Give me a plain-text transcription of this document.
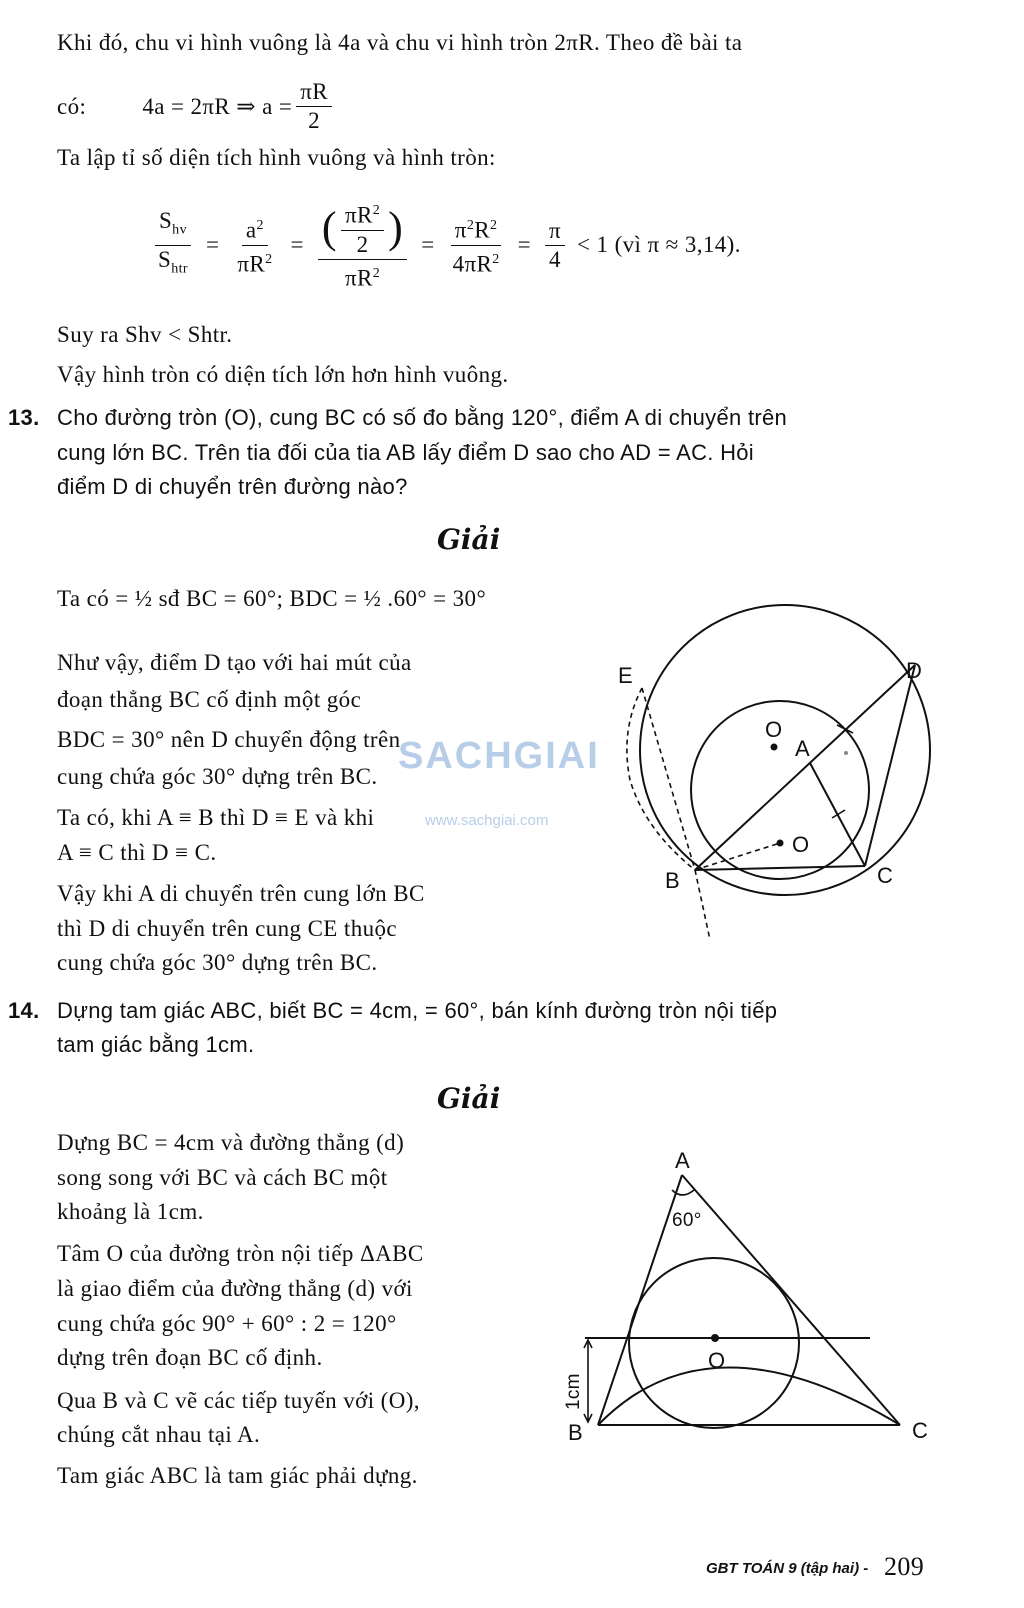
Khi đó, chu vi hình vuông là 4a và chu vi hình tròn 2πR. Theo đề bài ta
có: 4a = 2πR ⇒ $a = \frac{\pi R}{2}$
Ta lập tỉ số diện tích hình vuông và hình tròn:
$\frac{S_{hv}}{S_{htr}} = \frac{a^2}{\pi R^2} = \frac{( \frac{\pi R^2}{2} )}{\pi R^2} = \frac{\pi^2R^2}{4\pi R^2} = \frac{\pi}{4} < 1$ (vì π ≈ 3,14).
Suy ra Shv < Shtr.
Vậy hình tròn có diện tích lớn hơn hình vuông.
13. Cho đường tròn (O), cung BC có số đo bằng 120°, điểm A di chuyển trên
cung lớn BC. Trên tia đối của tia AB lấy điểm D sao cho AD = AC. Hỏi
điểm D di chuyển trên đường nào?
Giải
Ta có = ½ sđ BC = 60°; BDC = ½ .60° = 30°
Như vậy, điểm D tạo với hai mút của
đoạn thẳng BC cố định một góc
BDC = 30° nên D chuyển động trên
cung chứa góc 30° dựng trên BC.
Ta có, khi A ≡ B thì D ≡ E và khi
A ≡ C thì D ≡ C.
Vậy khi A di chuyển trên cung lớn BC
thì D di chuyển trên cung CE thuộc
cung chứa góc 30° dựng trên BC.
SACHGIAI
www.sachgiai.com
E	D
O
A
O
B	C
14. Dựng tam giác ABC, biết BC = 4cm, = 60°, bán kính đường tròn nội tiếp
tam giác bằng 1cm.
Giải
Dựng BC = 4cm và đường thẳng (d)
song song với BC và cách BC một
khoảng là 1cm.
Tâm O của đường tròn nội tiếp ΔABC
là giao điểm của đường thẳng (d) với
cung chứa góc 90° + 60° : 2 = 120°
dựng trên đoạn BC cố định.
Qua B và C vẽ các tiếp tuyến với (O),
chúng cắt nhau tại A.
Tam giác ABC là tam giác phải dựng.
A
60°
O
1cm
B	C
GBT TOÁN 9 (tập hai) - 209
